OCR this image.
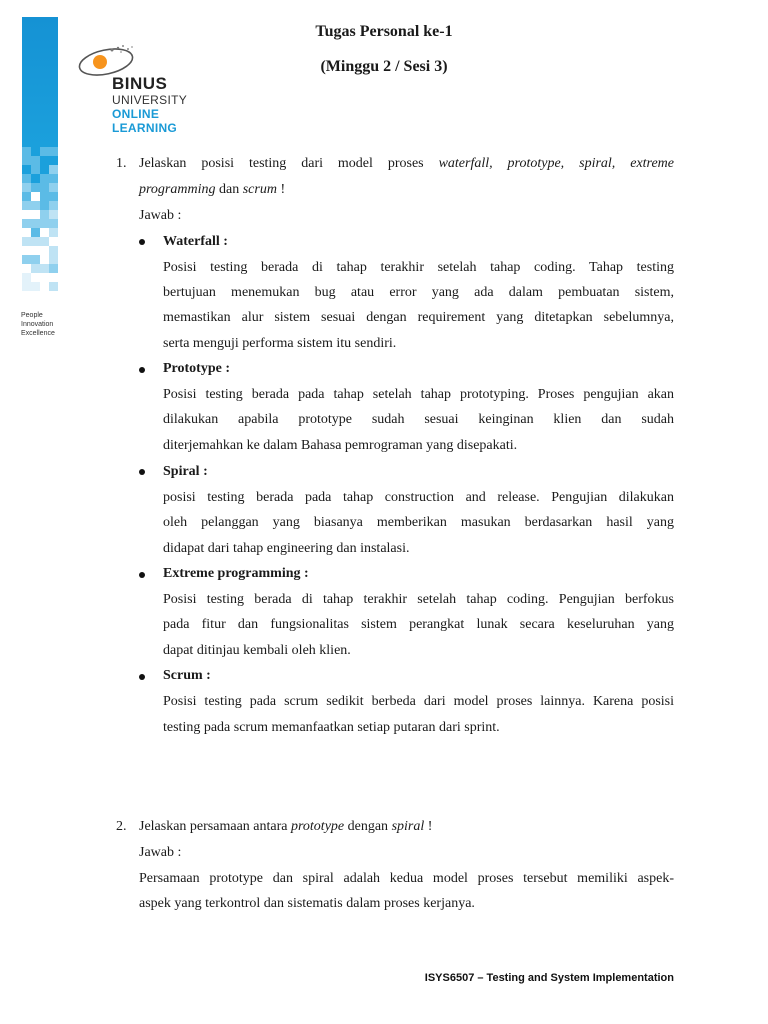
People
Innovation
Excellence
BINUS
UNIVERSITY
ONLINE
LEARNING
Tugas Personal ke-1
(Minggu 2 / Sesi 3)
1. Jelaskan posisi testing dari model proses waterfall, prototype, spiral, extreme
programming dan scrum !
Jawab :
Waterfall :
Posisi testing berada di tahap terakhir setelah tahap coding. Tahap testing
bertujuan menemukan bug atau error yang ada dalam pembuatan sistem,
memastikan alur sistem sesuai dengan requirement yang ditetapkan sebelumnya,
serta menguji performa sistem itu sendiri.
Prototype :
Posisi testing berada pada tahap setelah tahap prototyping. Proses pengujian akan
dilakukan apabila prototype sudah sesuai keinginan klien dan sudah
diterjemahkan ke dalam Bahasa pemrograman yang disepakati.
Spiral :
posisi testing berada pada tahap construction and release. Pengujian dilakukan
oleh pelanggan yang biasanya memberikan masukan berdasarkan hasil yang
didapat dari tahap engineering dan instalasi.
Extreme programming :
Posisi testing berada di tahap terakhir setelah tahap coding. Pengujian berfokus
pada fitur dan fungsionalitas sistem perangkat lunak secara keseluruhan yang
dapat ditinjau kembali oleh klien.
Scrum :
Posisi testing pada scrum sedikit berbeda dari model proses lainnya. Karena posisi
testing pada scrum memanfaatkan setiap putaran dari sprint.
2. Jelaskan persamaan antara prototype dengan spiral !
Jawab :
Persamaan prototype dan spiral adalah kedua model proses tersebut memiliki aspek-
aspek yang terkontrol dan sistematis dalam proses kerjanya.
ISYS6507 – Testing and System Implementation
